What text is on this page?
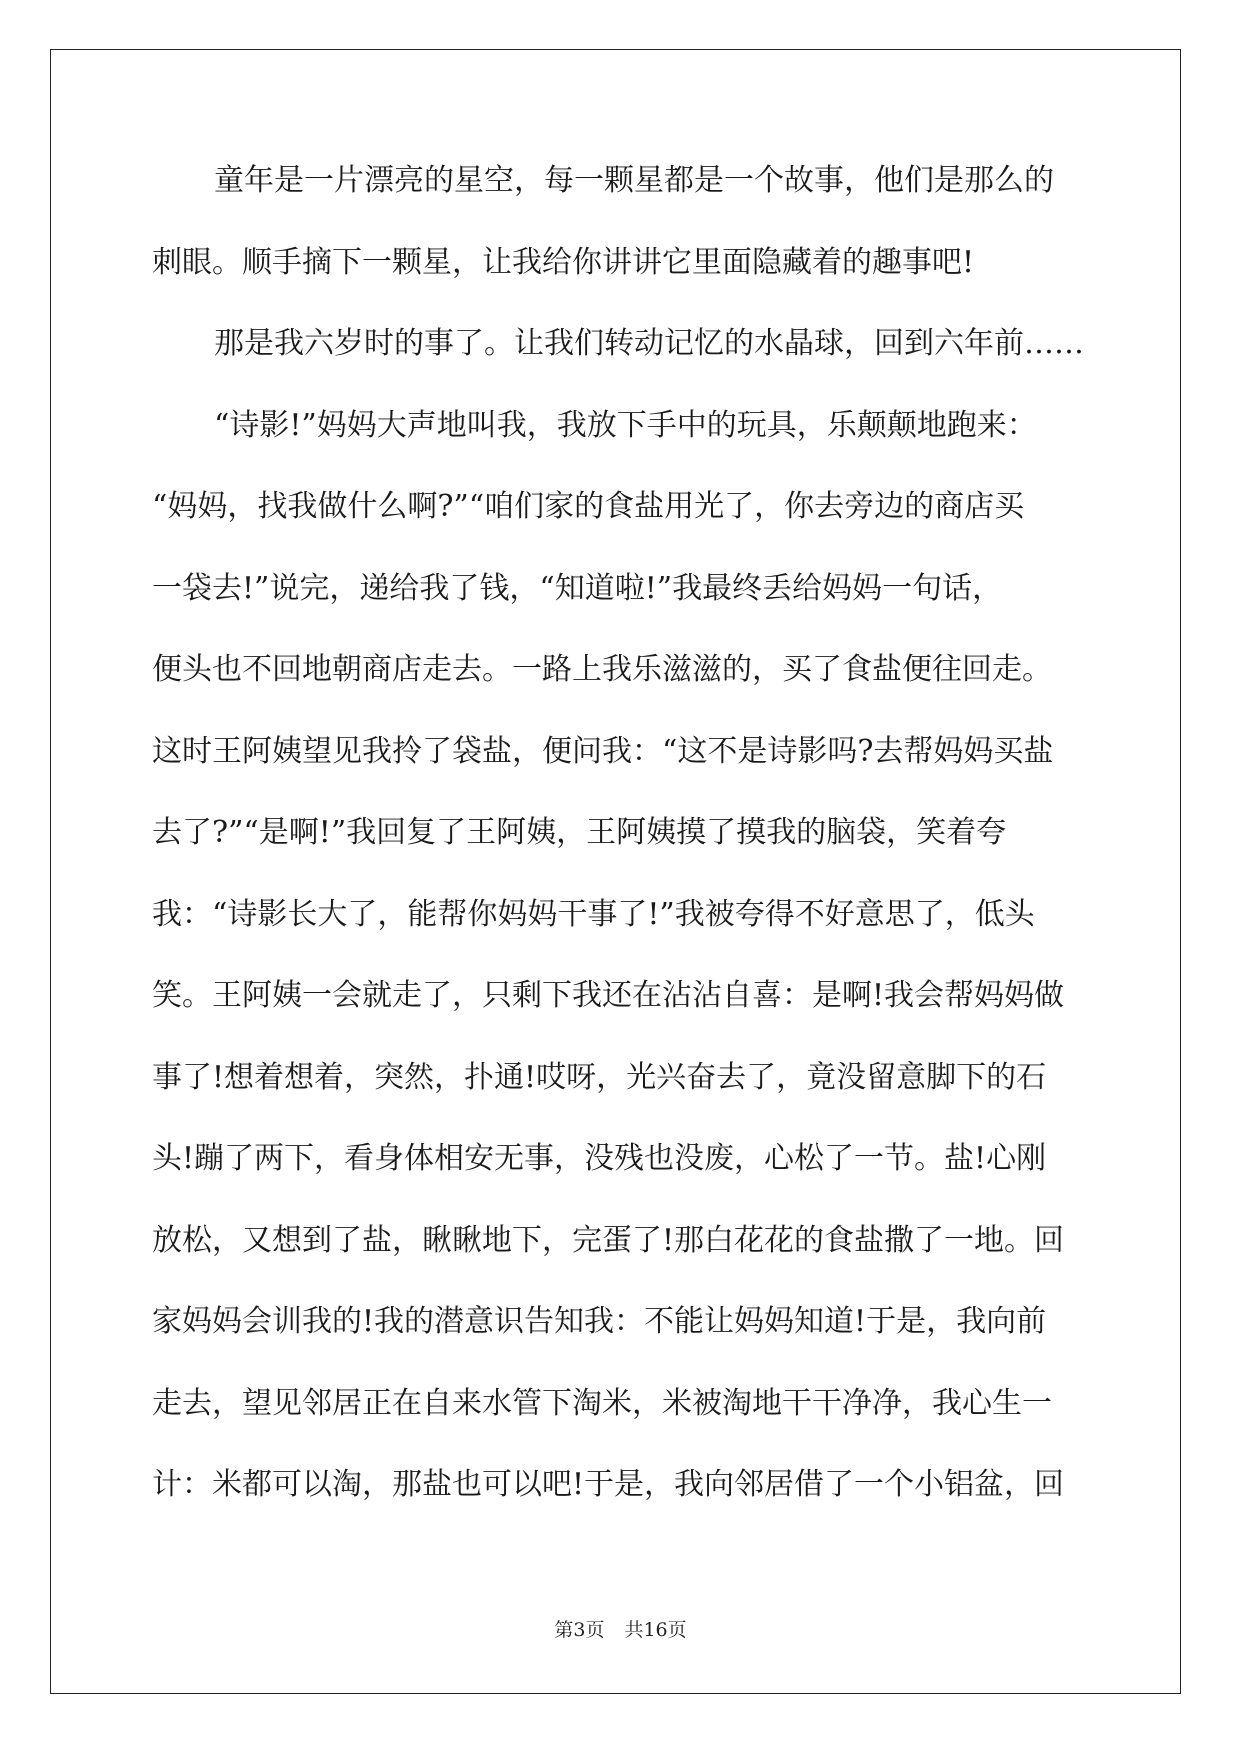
童年是一片漂亮的星空，每一颗星都是一个故事，他们是那么的
刺眼。顺手摘下一颗星，让我给你讲讲它里面隐藏着的趣事吧!
那是我六岁时的事了。让我们转动记忆的水晶球，回到六年前……
“诗影!”妈妈大声地叫我，我放下手中的玩具，乐颠颠地跑来：
“妈妈，找我做什么啊?”“咱们家的食盐用光了，你去旁边的商店买
一袋去!”说完，递给我了钱，“知道啦!”我最终丢给妈妈一句话，
便头也不回地朝商店走去。一路上我乐滋滋的，买了食盐便往回走。
这时王阿姨望见我拎了袋盐，便问我：“这不是诗影吗?去帮妈妈买盐
去了?”“是啊!”我回复了王阿姨，王阿姨摸了摸我的脑袋，笑着夸
我：“诗影长大了，能帮你妈妈干事了!”我被夸得不好意思了，低头
笑。王阿姨一会就走了，只剩下我还在沾沾自喜：是啊!我会帮妈妈做
事了!想着想着，突然，扑通!哎呀，光兴奋去了，竟没留意脚下的石
头!蹦了两下，看身体相安无事，没残也没废，心松了一节。盐!心刚
放松，又想到了盐，瞅瞅地下，完蛋了!那白花花的食盐撒了一地。回
家妈妈会训我的!我的潜意识告知我：不能让妈妈知道!于是，我向前
走去，望见邻居正在自来水管下淘米，米被淘地干干净净，我心生一
计：米都可以淘，那盐也可以吧!于是，我向邻居借了一个小铝盆，回
第3页 共16页
